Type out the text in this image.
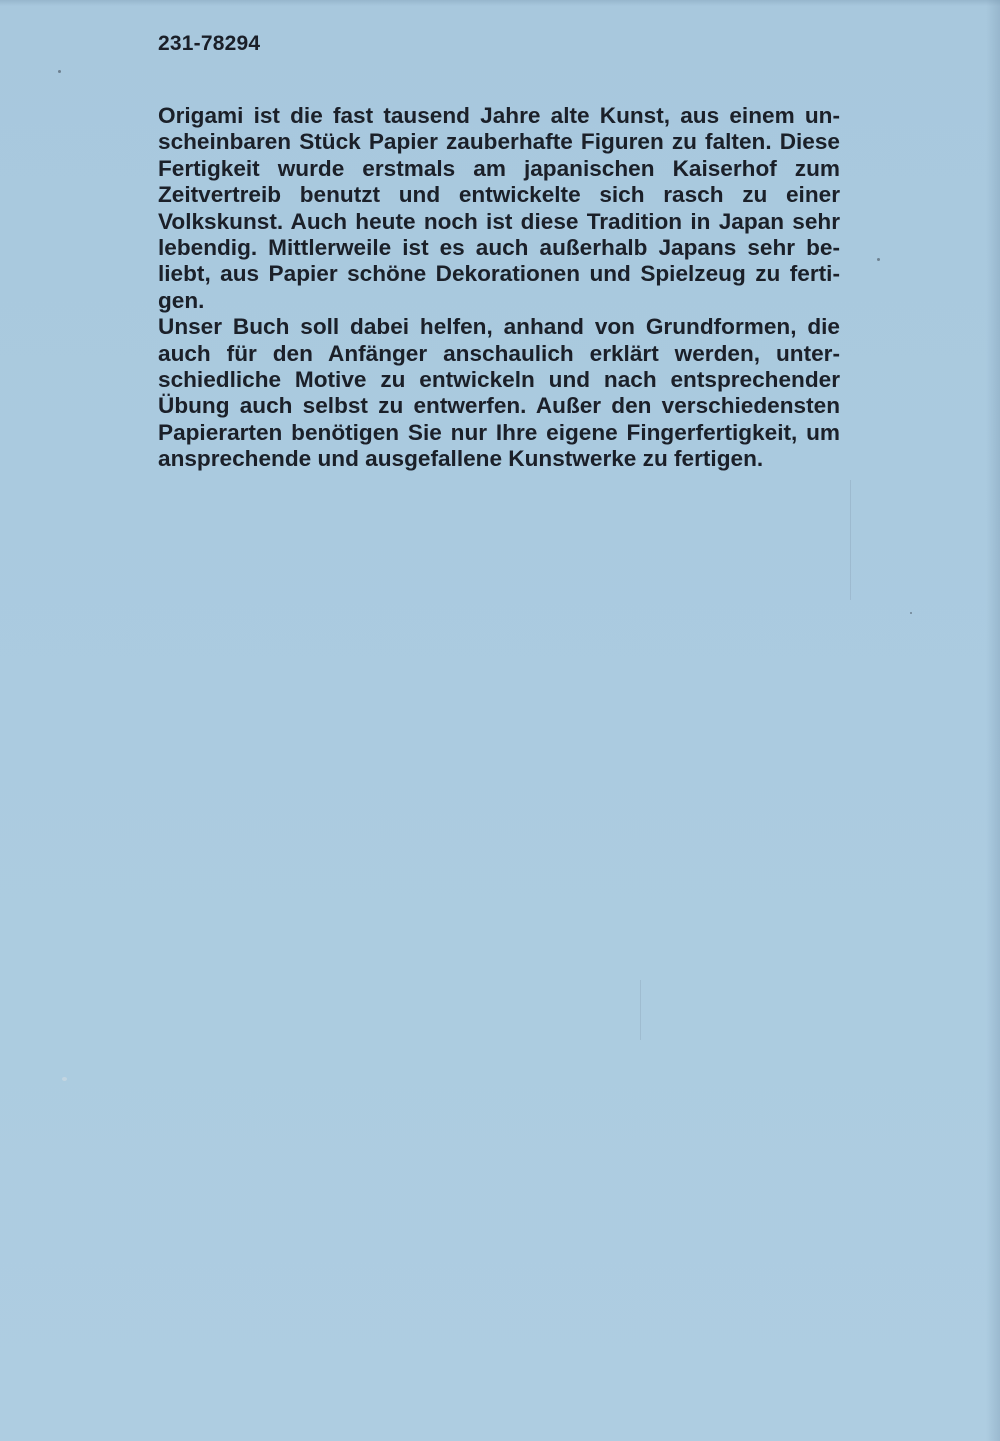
231-78294

Origami ist die fast tausend Jahre alte Kunst, aus einem unscheinbaren Stück Papier zauberhafte Figuren zu falten. Diese Fertigkeit wurde erstmals am japanischen Kaiserhof zum Zeitvertreib benutzt und entwickelte sich rasch zu einer Volkskunst. Auch heute noch ist diese Tradition in Japan sehr lebendig. Mittlerweile ist es auch außerhalb Japans sehr beliebt, aus Papier schöne Dekorationen und Spielzeug zu fertigen.

Unser Buch soll dabei helfen, anhand von Grundformen, die auch für den Anfänger anschaulich erklärt werden, unterschiedliche Motive zu entwickeln und nach entsprechender Übung auch selbst zu entwerfen. Außer den verschiedensten Papierarten benötigen Sie nur Ihre eigene Fingerfertigkeit, um ansprechende und ausgefallene Kunstwerke zu fertigen.
